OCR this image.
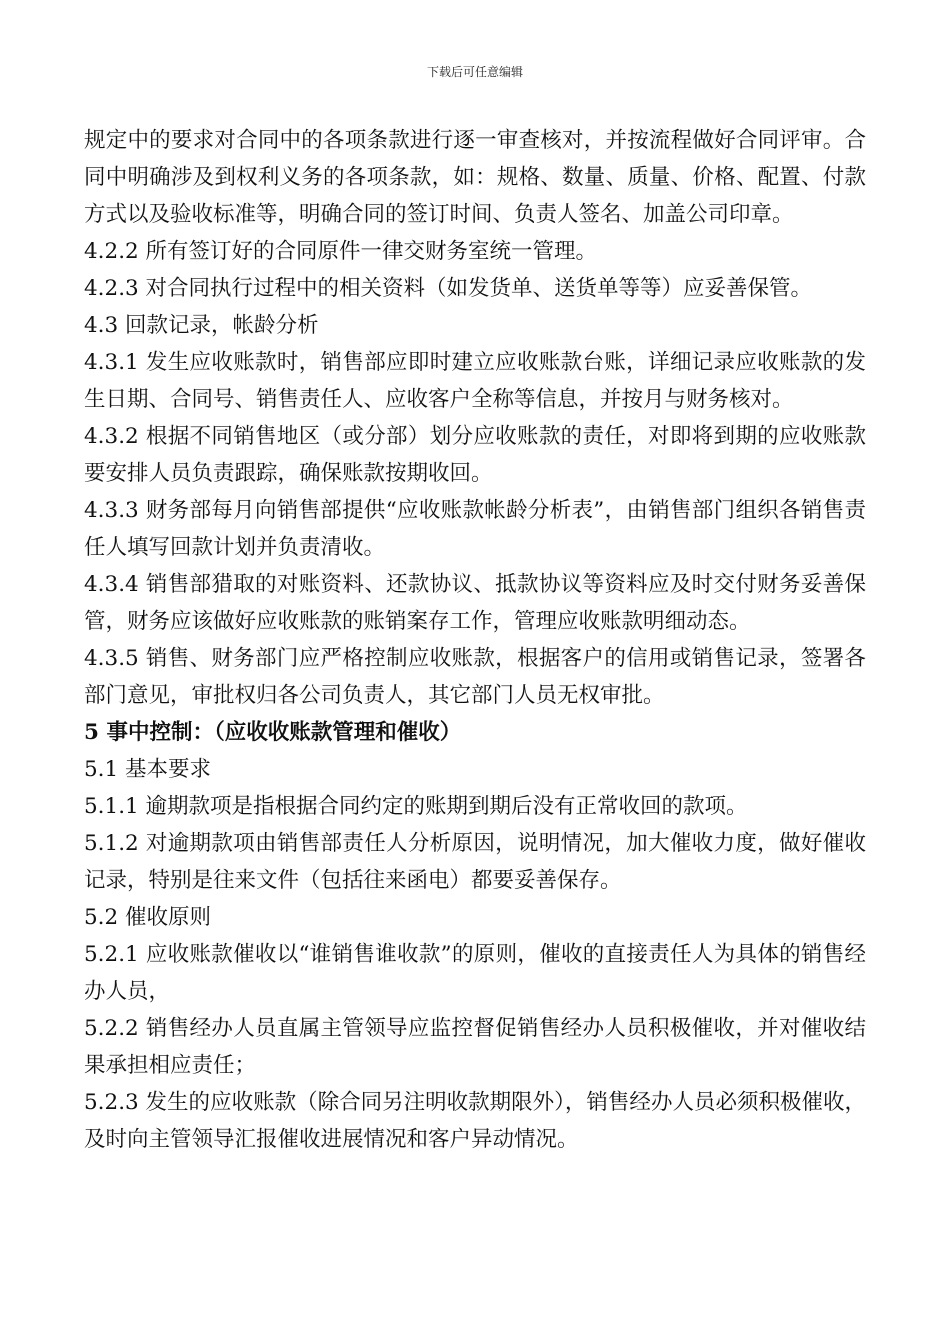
下载后可任意编辑

规定中的要求对合同中的各项条款进行逐一审查核对，并按流程做好合同评审。合同中明确涉及到权利义务的各项条款，如：规格、数量、质量、价格、配置、付款方式以及验收标准等，明确合同的签订时间、负责人签名、加盖公司印章。

4.2.2 所有签订好的合同原件一律交财务室统一管理。

4.2.3 对合同执行过程中的相关资料（如发货单、送货单等等）应妥善保管。

4.3 回款记录，帐龄分析

4.3.1 发生应收账款时，销售部应即时建立应收账款台账，详细记录应收账款的发生日期、合同号、销售责任人、应收客户全称等信息，并按月与财务核对。

4.3.2 根据不同销售地区（或分部）划分应收账款的责任，对即将到期的应收账款要安排人员负责跟踪，确保账款按期收回。

4.3.3 财务部每月向销售部提供“应收账款帐龄分析表”，由销售部门组织各销售责任人填写回款计划并负责清收。

4.3.4 销售部猎取的对账资料、还款协议、抵款协议等资料应及时交付财务妥善保管，财务应该做好应收账款的账销案存工作，管理应收账款明细动态。

4.3.5 销售、财务部门应严格控制应收账款，根据客户的信用或销售记录，签署各部门意见，审批权归各公司负责人，其它部门人员无权审批。

5 事中控制：（应收收账款管理和催收）

5.1 基本要求

5.1.1 逾期款项是指根据合同约定的账期到期后没有正常收回的款项。

5.1.2 对逾期款项由销售部责任人分析原因，说明情况，加大催收力度，做好催收记录，特别是往来文件（包括往来函电）都要妥善保存。

5.2 催收原则

5.2.1 应收账款催收以“谁销售谁收款”的原则，催收的直接责任人为具体的销售经办人员，

5.2.2 销售经办人员直属主管领导应监控督促销售经办人员积极催收，并对催收结果承担相应责任；

5.2.3 发生的应收账款（除合同另注明收款期限外），销售经办人员必须积极催收，及时向主管领导汇报催收进展情况和客户异动情况。
